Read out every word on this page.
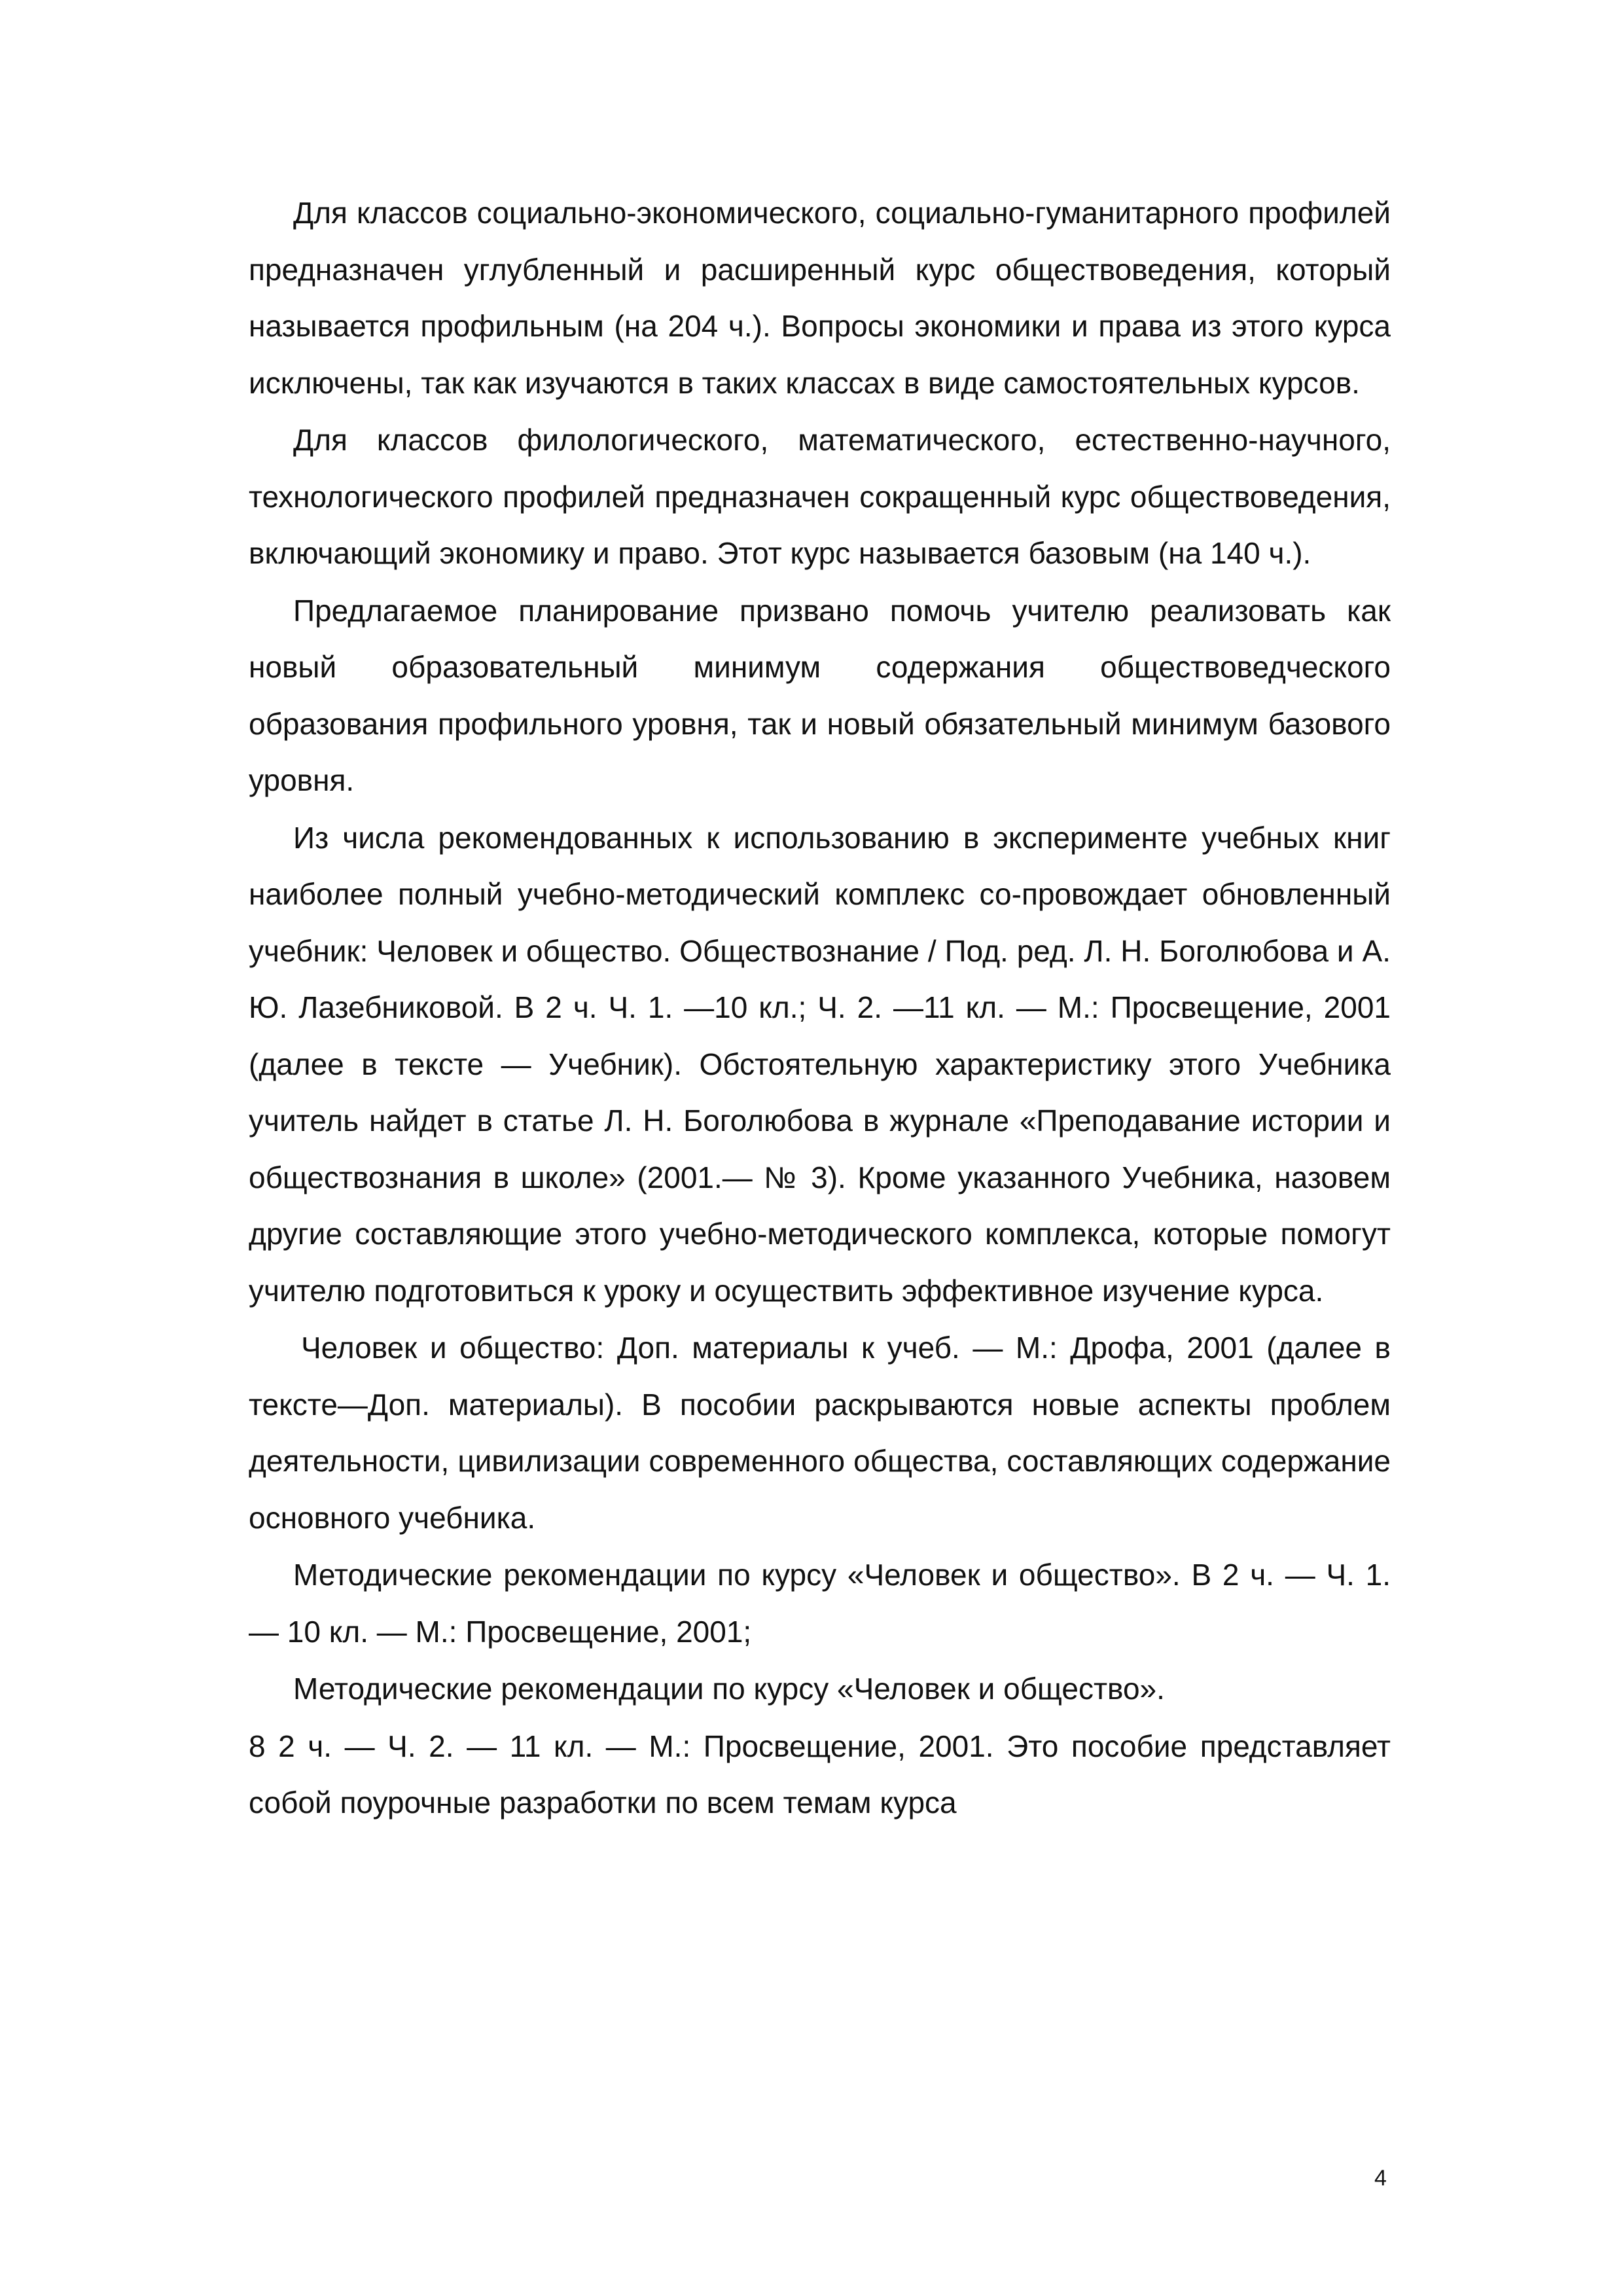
Для классов социально-экономического, социально-гуманитарного профилей предназначен углубленный и расширенный курс обществоведения, который называется профильным (на 204 ч.). Вопросы экономики и права из этого курса исключены, так как изучаются в таких классах в виде самостоятельных курсов.

Для классов филологического, математического, естественно-научного, технологического профилей предназначен сокращенный курс обществоведения, включающий экономику и право. Этот курс называется базовым (на 140 ч.).

Предлагаемое планирование призвано помочь учителю реализовать как новый образовательный минимум содержания обществоведческого образования профильного уровня, так и новый обязательный минимум базового уровня.

Из числа рекомендованных к использованию в эксперименте учебных книг наиболее полный учебно-методический комплекс со-провождает обновленный учебник: Человек и общество. Обществознание / Под. ред. Л. Н. Боголюбова и А. Ю. Лазебниковой. В 2 ч. Ч. 1. —10 кл.; Ч. 2. —11 кл. — М.: Просвещение, 2001 (далее в тексте — Учебник). Обстоятельную характеристику этого Учебника учитель найдет в статье Л. Н. Боголюбова в журнале «Преподавание истории и обществознания в школе» (2001.— № 3). Кроме указанного Учебника, назовем другие составляющие этого учебно-методического комплекса, которые помогут учителю подготовиться к уроку и осуществить эффективное изучение курса.

Человек и общество: Доп. материалы к учеб. — М.: Дрофа, 2001 (далее в тексте—Доп. материалы). В пособии раскрываются новые аспекты проблем деятельности, цивилизации современного общества, составляющих содержание основного учебника.

Методические рекомендации по курсу «Человек и общество». В 2 ч. — Ч. 1. — 10 кл. — М.: Просвещение, 2001;

Методические рекомендации по курсу «Человек и общество».

8 2 ч. — Ч. 2. — 11 кл. — М.: Просвещение, 2001. Это пособие представляет собой поурочные разработки по всем темам курса

4
